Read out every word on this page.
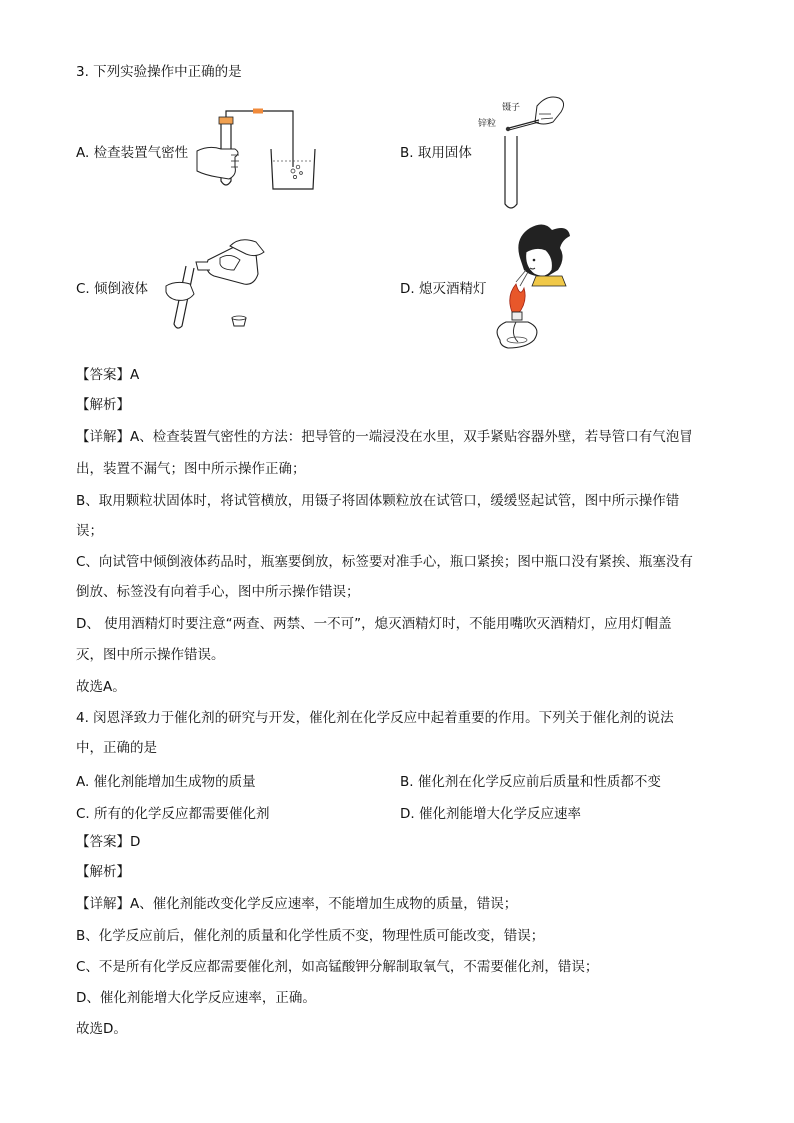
3. 下列实验操作中正确的是
A. 检查装置气密性	B. 取用固体
镊子
锌粒
C. 倾倒液体	D. 熄灭酒精灯
【答案】A
【解析】
【详解】A、检查装置气密性的方法：把导管的一端浸没在水里，双手紧贴容器外壁，若导管口有气泡冒
出，装置不漏气；图中所示操作正确；
B、取用颗粒状固体时，将试管横放，用镊子将固体颗粒放在试管口，缓缓竖起试管，图中所示操作错
误；
C、向试管中倾倒液体药品时，瓶塞要倒放，标签要对准手心，瓶口紧挨；图中瓶口没有紧挨、瓶塞没有
倒放、标签没有向着手心，图中所示操作错误；
D、 使用酒精灯时要注意“两查、两禁、一不可”，熄灭酒精灯时，不能用嘴吹灭酒精灯，应用灯帽盖
灭，图中所示操作错误。
故选A。
4. 闵恩泽致力于催化剂的研究与开发，催化剂在化学反应中起着重要的作用。下列关于催化剂的说法
中，正确的是
A. 催化剂能增加生成物的质量	B. 催化剂在化学反应前后质量和性质都不变
C. 所有的化学反应都需要催化剂	D. 催化剂能增大化学反应速率
【答案】D
【解析】
【详解】A、催化剂能改变化学反应速率，不能增加生成物的质量，错误；
B、化学反应前后，催化剂的质量和化学性质不变，物理性质可能改变，错误；
C、不是所有化学反应都需要催化剂，如高锰酸钾分解制取氧气，不需要催化剂，错误；
D、催化剂能增大化学反应速率，正确。
故选D。
